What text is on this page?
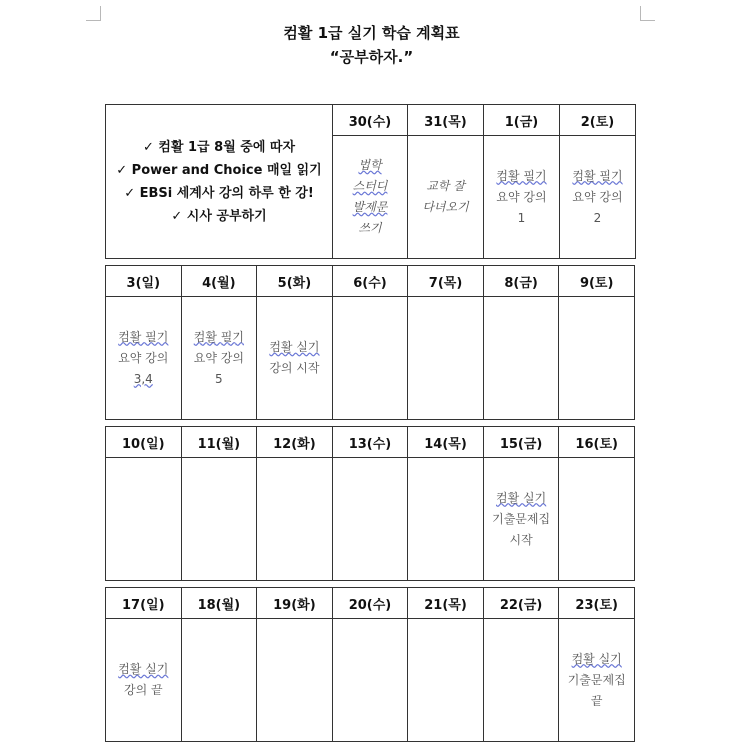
컴활 1급 실기 학습 계획표
“공부하자.”
✓ 컴활 1급 8월 중에 따자
✓ Power and Choice 매일 읽기
✓ EBSi 세계사 강의 하루 한 강!
✓ 시사 공부하기	30(수)	31(목)	1(금)	2(토)

	법학
스터디
발제문
쓰기	교학 잘
다녀오기	컴활 필기
요약 강의
1	컴활 필기
요약 강의
2
3(일)	4(월)	5(화)	6(수)	7(목)	8(금)	9(토)

컴활 필기
요약 강의
3,4	컴활 필기
요약 강의
5	컴활 실기
강의 시작				

10(일)	11(월)	12(화)	13(수)	14(목)	15(금)	16(토)

					컴활 실기
기출문제집
시작	

17(일)	18(월)	19(화)	20(수)	21(목)	22(금)	23(토)

컴활 실기
강의 끝						컴활 실기
기출문제집
끝
